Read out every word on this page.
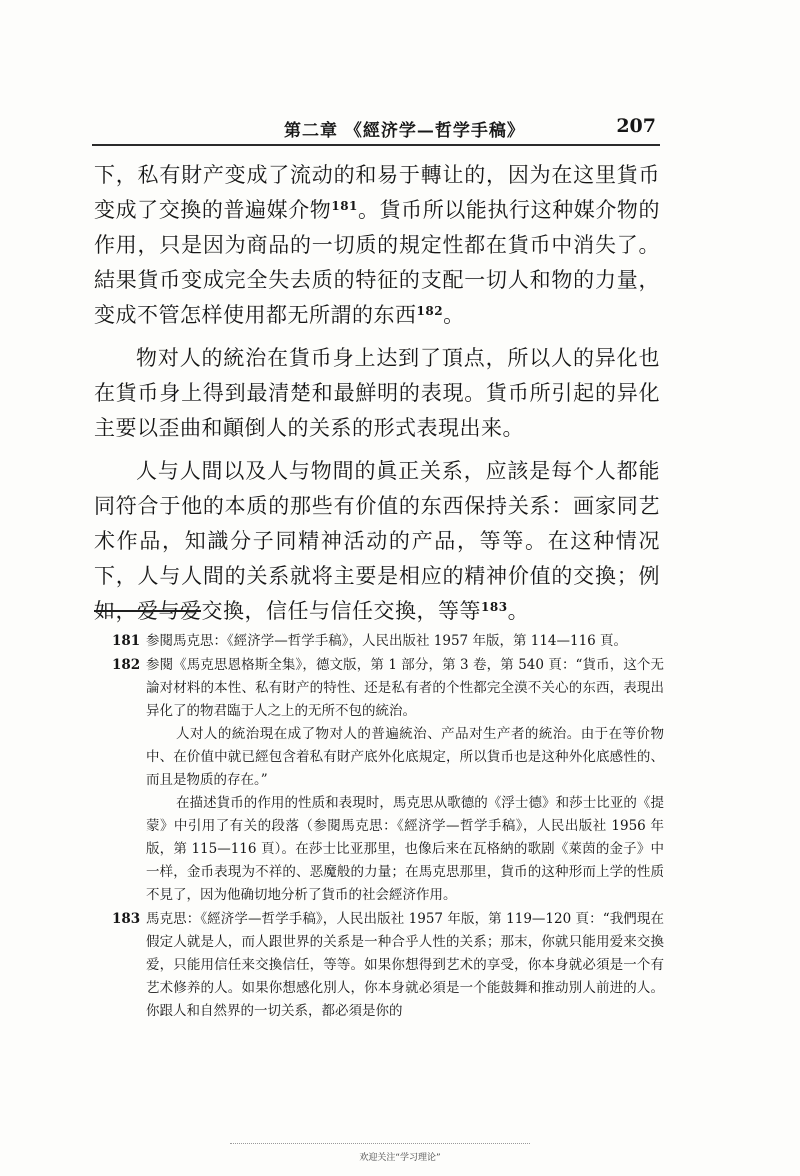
第二章 《經济学—哲学手稿》	207

下，私有財产变成了流动的和易于轉让的，因为在这里貨币变成了交換的普遍媒介物$^{181}$。貨币所以能执行这种媒介物的作用，只是因为商品的一切质的規定性都在貨币中消失了。結果貨币变成完全失去质的特征的支配一切人和物的力量，变成不管怎样使用都无所謂的东西$^{182}$。

物对人的統治在貨币身上达到了頂点，所以人的异化也在貨币身上得到最清楚和最鮮明的表現。貨币所引起的异化主要以歪曲和顚倒人的关系的形式表現出来。

人与人間以及人与物間的眞正关系，应該是每个人都能同符合于他的本质的那些有价值的东西保持关系：画家同艺术作品，知識分子同精神活动的产品，等等。在这种情况下，人与人間的关系就将主要是相应的精神价值的交換；例如，爱与爱交換，信任与信任交換，等等$^{183}$。

181 参閱馬克思：《經济学—哲学手稿》，人民出版社 1957 年版，第 114—116 頁。

182 参閱《馬克思恩格斯全集》，德文版，第 1 部分，第 3 卷，第 540 頁：“貨币，这个无論对材料的本性、私有財产的特性、还是私有者的个性都完全漠不关心的东西，表現出异化了的物君臨于人之上的无所不包的統治。

人对人的統治現在成了物对人的普遍統治、产品对生产者的統治。由于在等价物中、在价值中就已經包含着私有財产底外化底規定，所以貨币也是这种外化底感性的、而且是物质的存在。”

在描述貨币的作用的性质和表現时，馬克思从歌德的《浮士德》和莎士比亚的《提蒙》中引用了有关的段落（参閱馬克思：《經济学—哲学手稿》，人民出版社 1956 年版，第 115—116 頁）。在莎士比亚那里，也像后来在瓦格納的歌剧《萊茵的金子》中一样，金币表現为不祥的、恶魔般的力量；在馬克思那里，貨币的这种形而上学的性质不見了，因为他确切地分析了貨币的社会經济作用。

183 馬克思：《經济学—哲学手稿》，人民出版社 1957 年版，第 119—120 頁：“我們現在假定人就是人，而人跟世界的关系是一种合乎人性的关系；那末，你就只能用爱来交換爱，只能用信任来交換信任，等等。如果你想得到艺术的享受，你本身就必須是一个有艺术修养的人。如果你想感化別人，你本身就必須是一个能鼓舞和推动別人前进的人。你跟人和自然界的一切关系，都必須是你的

欢迎关注“学习理论”
